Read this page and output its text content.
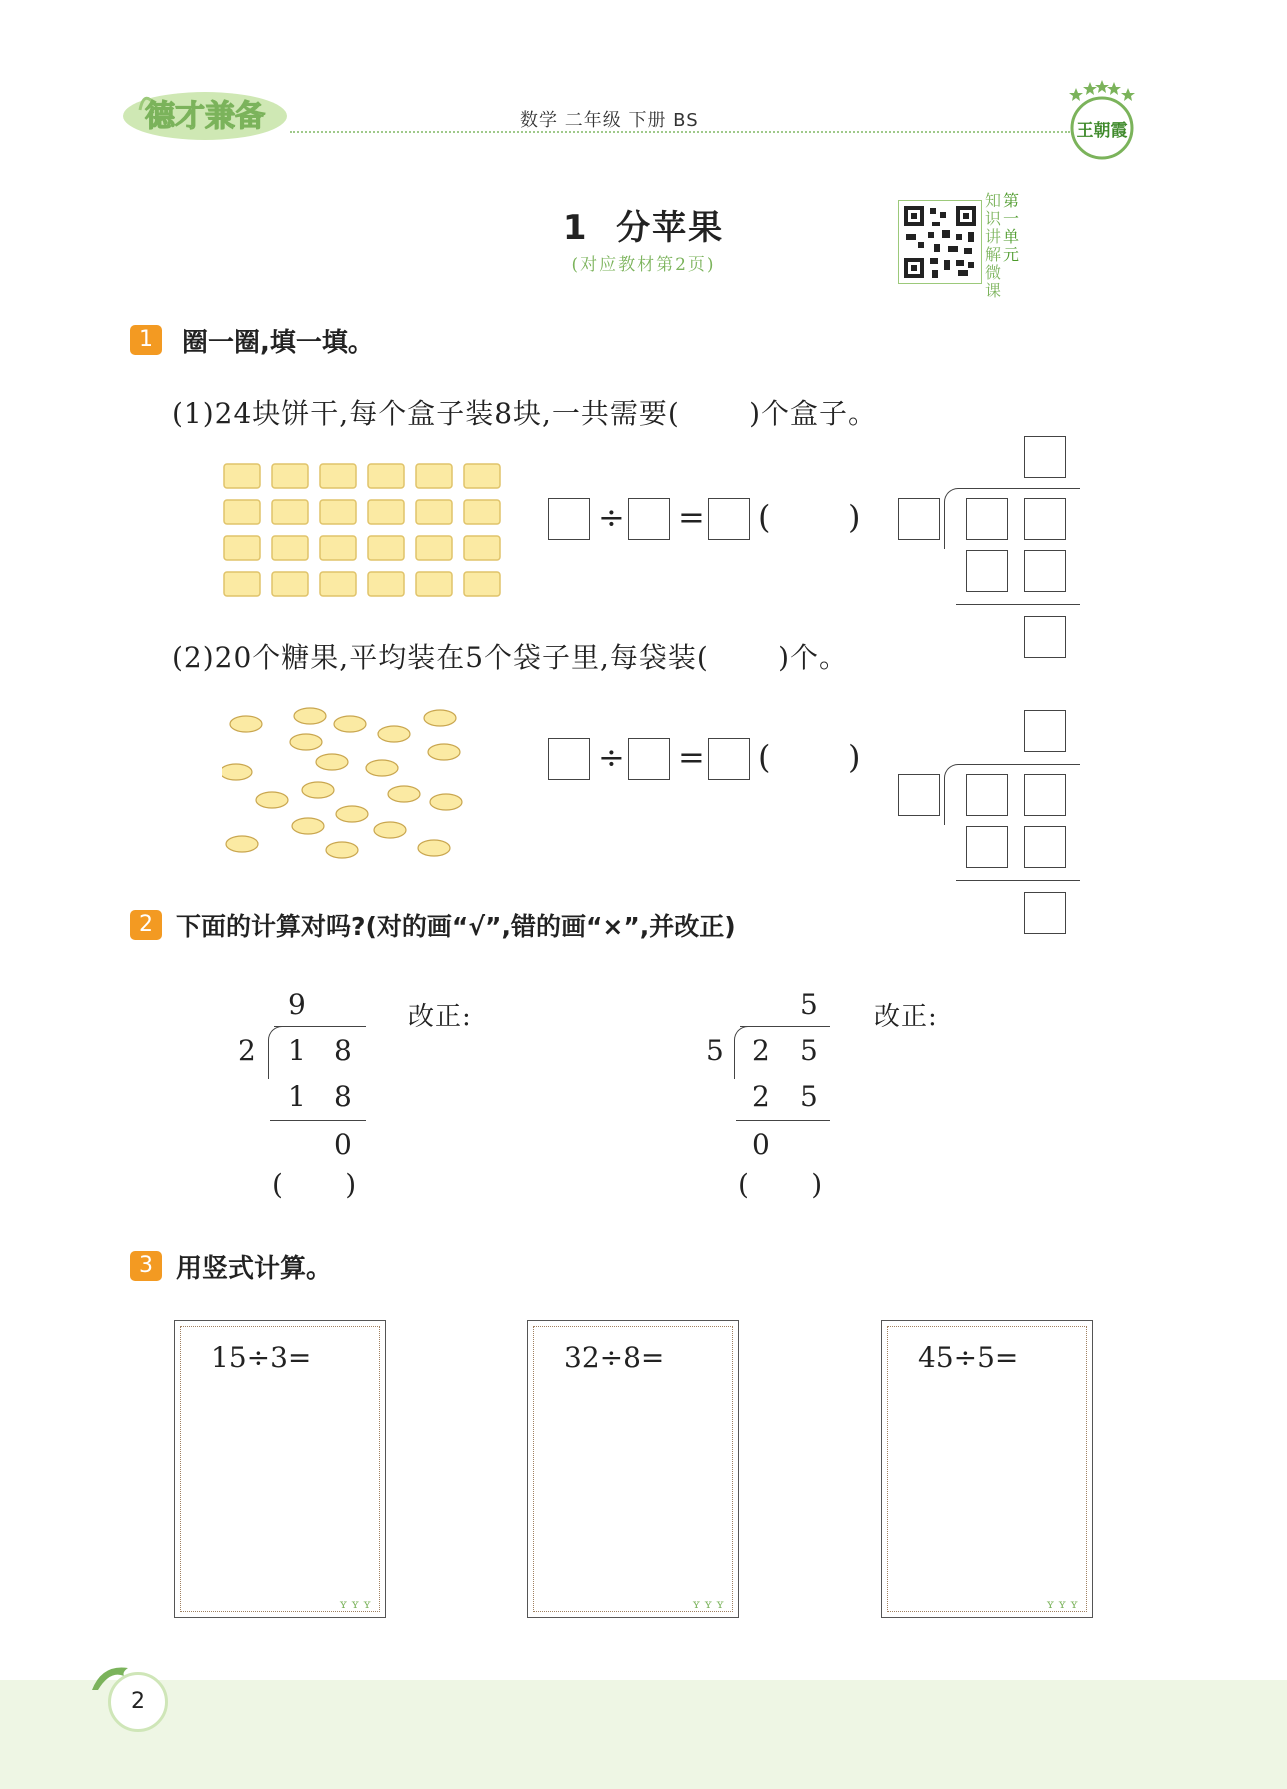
德才兼备	数学 二年级 下册 BS	王朝霞
1  分苹果
(对应教材第2页)
知
识
讲
解
微
课
第
一
单
元
1	圈一圈,填一填。
(1)24块饼干,每个盒子装8块,一共需要(       )个盒子。
÷ = ( )
(2)20个糖果,平均装在5个袋子里,每袋装(       )个。
÷ = ( )
2 下面的计算对吗?(对的画“√”,错的画“×”,并改正)
9
2 1 8
1 8
0
(       )
改正:	5
5 2 5
2 5
0
(       )
改正:
3 用竖式计算。
15÷3=
ʏʏʏ
32÷8=
ʏʏʏ
45÷5=
ʏʏʏ
2
